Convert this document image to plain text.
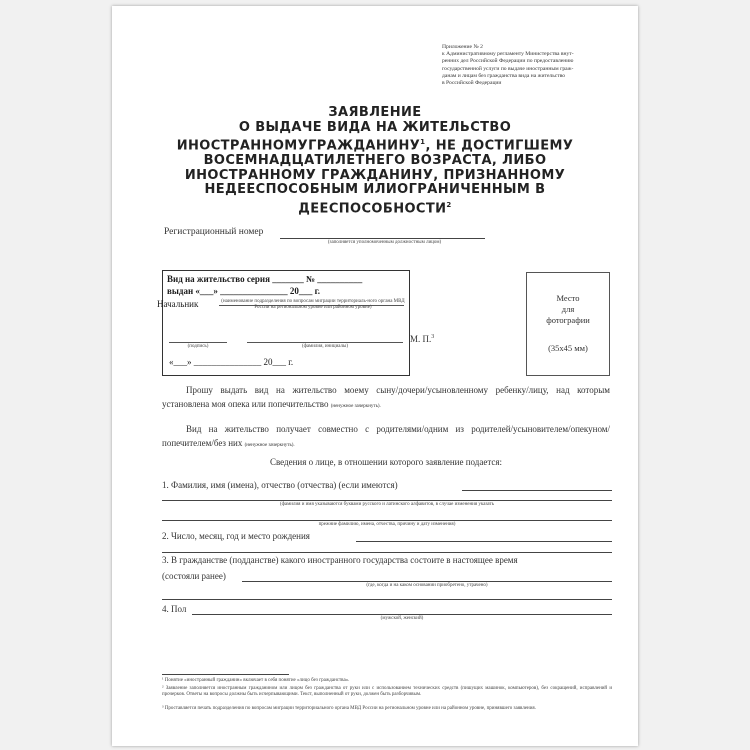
Приложение № 2
к Административному регламенту Министерства внут-
ренних дел Российской Федерации по предоставлению
государственной услуги по выдаче иностранным граж-
данам и лицам без гражданства вида на жительство
в Российской Федерации
ЗАЯВЛЕНИЕ
О ВЫДАЧЕ ВИДА НА ЖИТЕЛЬСТВО
ИНОСТРАННОМУГРАЖДАНИНУ$^1$, НЕ ДОСТИГШЕМУ
ВОСЕМНАДЦАТИЛЕТНЕГО ВОЗРАСТА, ЛИБО
ИНОСТРАННОМУ ГРАЖДАНИНУ, ПРИЗНАННОМУ
НЕДЕЕСПОСОБНЫМ ИЛИОГРАНИЧЕННЫМ В
ДЕЕСПОСОБНОСТИ$^2$
Регистрационный номер
(заполняется уполномоченным должностным лицом)
Вид на жительство серия _______ № __________
выдан «___» _______________ 20___ г.
Начальник	(наименование подразделения по вопросам миграции территориаль-ного органа МВД России на региональном уровне или районном уровне)
(подпись)	(фамилия, инициалы)
«___» _______________ 20___ г.
М. П.$^3$
Место
для
фотографии
(35х45 мм)
Прошу выдать вид на жительство моему сыну/дочери/усыновленному ребенку/лицу, над которым установлена моя опека или попечительство (ненужное зачеркнуть).
Вид на жительство получает совместно с родителями/одним из родителей/усыновителем/опекуном/попечителем/без них (ненужное зачеркнуть).
Сведения о лице, в отношении которого заявление подается:
1. Фамилия, имя (имена), отчество (отчества) (если имеются)
(фамилия и имя указываются буквами русского и латинского алфавитов, в случае изменения указать
прежние фамилию, имена, отчества, причину и дату изменения)
2. Число, месяц, год и место рождения
3. В гражданстве (подданстве) какого иностранного государства состоите в настоящее время
(состояли ранее)
(где, когда и на каком основании приобретено, утрачено)
4. Пол
(мужской, женский)
¹ Понятие «иностранный гражданин» включает в себя понятие «лицо без гражданства».
² Заявление заполняется иностранным гражданином или лицом без гражданства от руки или с использованием технических средств (пишущих машинок, компьютеров), без сокращений, исправлений и прочерков. Ответы на вопросы должны быть исчерпывающими. Текст, выполненный от руки, должен быть разборчивым.
³ Проставляется печать подразделения по вопросам миграции территориального органа МВД России на региональном уровне или на районном уровне, принявшего заявления.
